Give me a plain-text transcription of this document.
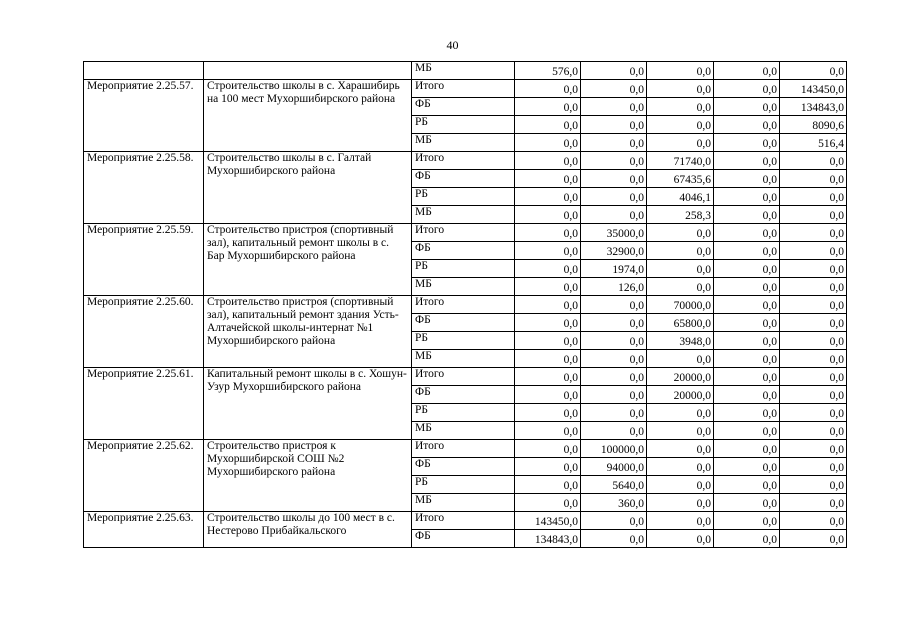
40
		МБ	576,0	0,0	0,0	0,0	0,0
Мероприятие 2.25.57.	Строительство школы в с. Харашибирь на 100 мест Мухоршибирского района	Итого	0,0	0,0	0,0	0,0	143450,0
		ФБ	0,0	0,0	0,0	0,0	134843,0
		РБ	0,0	0,0	0,0	0,0	8090,6
		МБ	0,0	0,0	0,0	0,0	516,4
Мероприятие 2.25.58.	Строительство школы в с. Галтай Мухоршибирского района	Итого	0,0	0,0	71740,0	0,0	0,0
		ФБ	0,0	0,0	67435,6	0,0	0,0
		РБ	0,0	0,0	4046,1	0,0	0,0
		МБ	0,0	0,0	258,3	0,0	0,0
Мероприятие 2.25.59.	Строительство пристроя (спортивный зал), капитальный ремонт школы в с. Бар Мухоршибирского района	Итого	0,0	35000,0	0,0	0,0	0,0
		ФБ	0,0	32900,0	0,0	0,0	0,0
		РБ	0,0	1974,0	0,0	0,0	0,0
		МБ	0,0	126,0	0,0	0,0	0,0
Мероприятие 2.25.60.	Строительство пристроя (спортивный зал), капитальный ремонт здания Усть-Алтачейской школы-интернат №1 Мухоршибирского района	Итого	0,0	0,0	70000,0	0,0	0,0
		ФБ	0,0	0,0	65800,0	0,0	0,0
		РБ	0,0	0,0	3948,0	0,0	0,0
		МБ	0,0	0,0	0,0	0,0	0,0
Мероприятие 2.25.61.	Капитальный ремонт школы в с. Хошун-Узур Мухоршибирского района	Итого	0,0	0,0	20000,0	0,0	0,0
		ФБ	0,0	0,0	20000,0	0,0	0,0
		РБ	0,0	0,0	0,0	0,0	0,0
		МБ	0,0	0,0	0,0	0,0	0,0
Мероприятие 2.25.62.	Строительство пристроя к Мухоршибирской СОШ №2 Мухоршибирского района	Итого	0,0	100000,0	0,0	0,0	0,0
		ФБ	0,0	94000,0	0,0	0,0	0,0
		РБ	0,0	5640,0	0,0	0,0	0,0
		МБ	0,0	360,0	0,0	0,0	0,0
Мероприятие 2.25.63.	Строительство школы до 100 мест в с. Нестерово Прибайкальского	Итого	143450,0	0,0	0,0	0,0	0,0
		ФБ	134843,0	0,0	0,0	0,0	0,0
